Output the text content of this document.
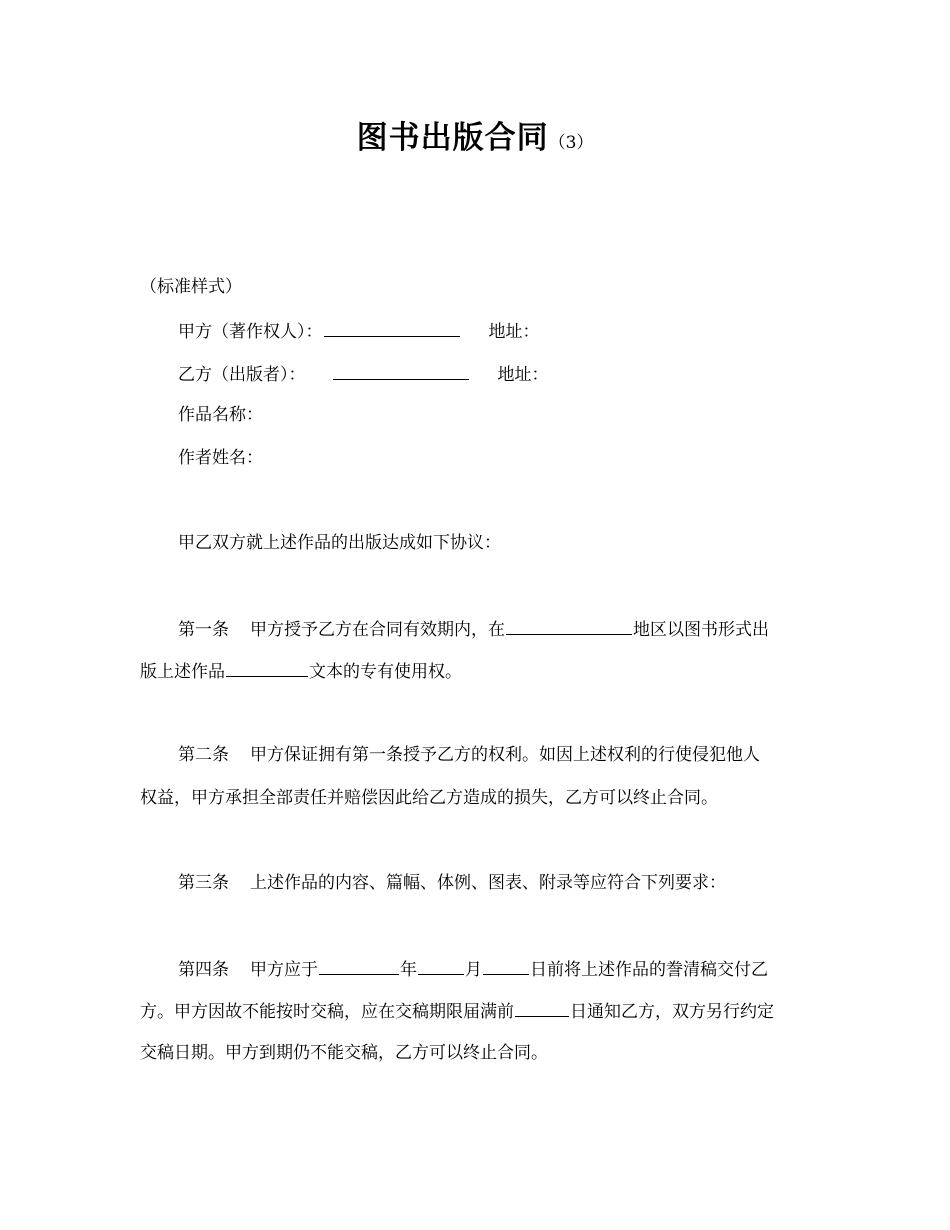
图书出版合同（3）
（标准样式）
甲方（著作权人）：	地址：
乙方（出版者）：	地址：
作品名称：
作者姓名：
甲乙双方就上述作品的出版达成如下协议：
第一条 甲方授予乙方在合同有效期内，在	地区以图书形式出
版上述作品	文本的专有使用权。
第二条 甲方保证拥有第一条授予乙方的权利。如因上述权利的行使侵犯他人
权益，甲方承担全部责任并赔偿因此给乙方造成的损失，乙方可以终止合同。
第三条 上述作品的内容、篇幅、体例、图表、附录等应符合下列要求：
第四条 甲方应于	年	月	日前将上述作品的誊清稿交付乙
方。甲方因故不能按时交稿，应在交稿期限届满前	日通知乙方，双方另行约定
交稿日期。甲方到期仍不能交稿，乙方可以终止合同。
